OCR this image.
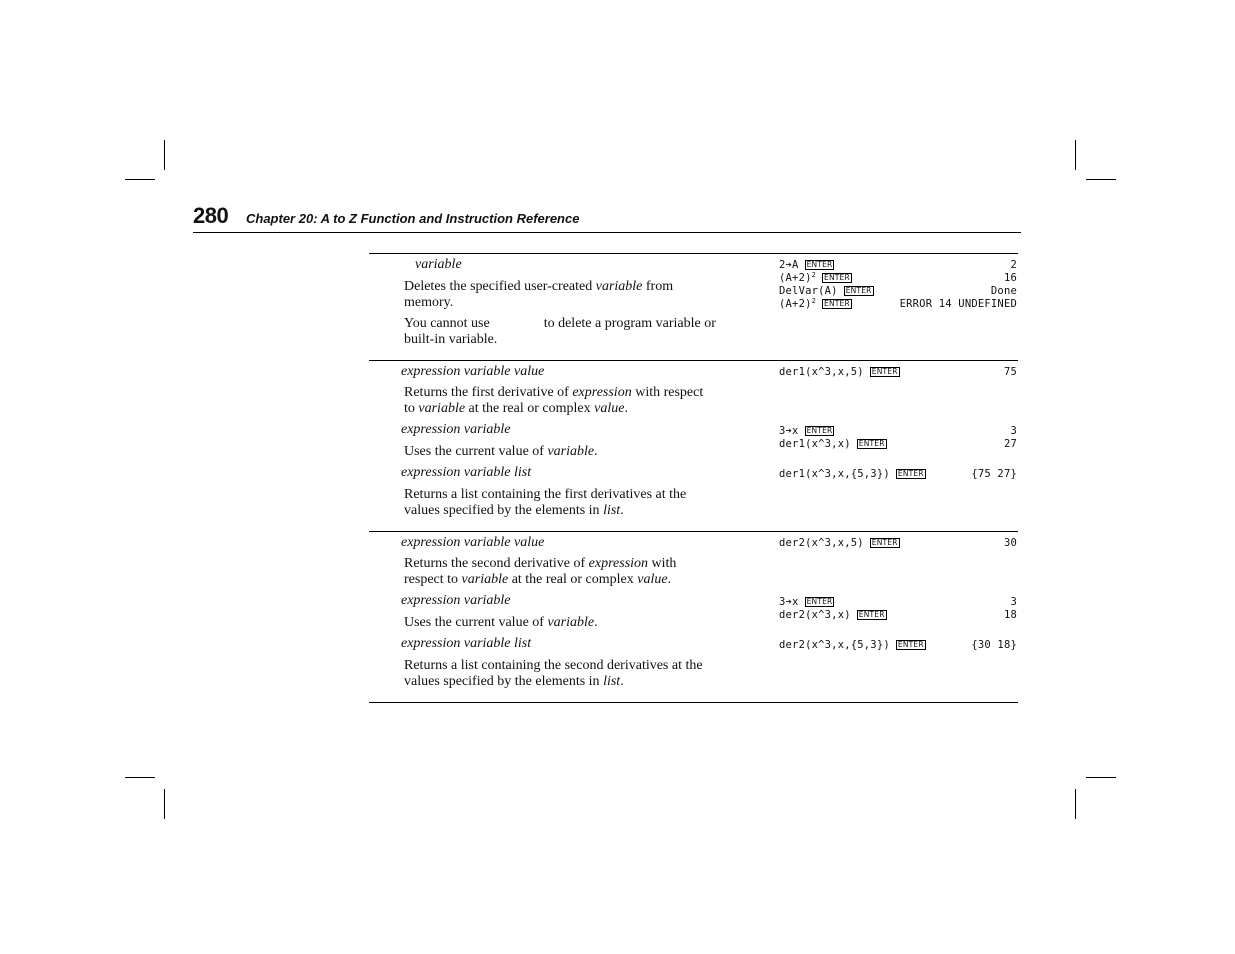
280 Chapter 20: A to Z Function and Instruction Reference
variable
Deletes the specified user-created variable from
memory.
You cannot use	to delete a program variable or
built-in variable.
2➔A ENTER	2
$(A+2)^2$ ENTER	16
DelVar(A) ENTER	Done
$(A+2)^2$ ENTER	ERROR 14 UNDEFINED
expression variable value
Returns the first derivative of expression with respect
to variable at the real or complex value.
expression variable
Uses the current value of variable.
expression variable list
Returns a list containing the first derivatives at the
values specified by the elements in list.
der1(x^3,x,5) ENTER	75
3➔x ENTER	3
der1(x^3,x) ENTER	27
der1(x^3,x,{5,3}) ENTER	{75 27}
expression variable value
Returns the second derivative of expression with
respect to variable at the real or complex value.
expression variable
Uses the current value of variable.
expression variable list
Returns a list containing the second derivatives at the
values specified by the elements in list.
der2(x^3,x,5) ENTER	30
3➔x ENTER	3
der2(x^3,x) ENTER	18
der2(x^3,x,{5,3}) ENTER	{30 18}
